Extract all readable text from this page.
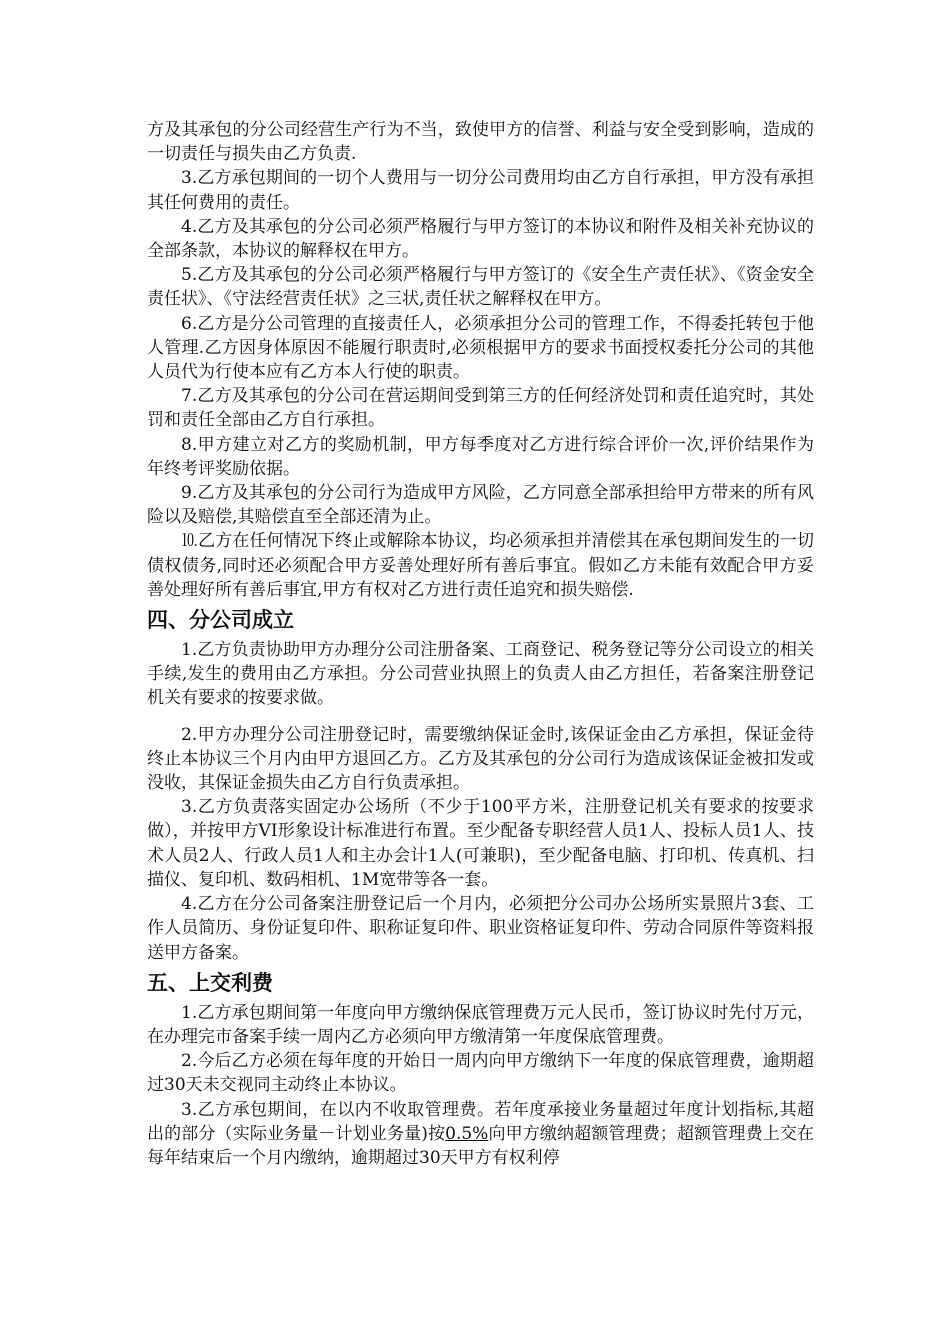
方及其承包的分公司经营生产行为不当，致使甲方的信誉、利益与安全受到影响，造成的一切责任与损失由乙方负责.

3.乙方承包期间的一切个人费用与一切分公司费用均由乙方自行承担，甲方没有承担其任何费用的责任。

4.乙方及其承包的分公司必须严格履行与甲方签订的本协议和附件及相关补充协议的全部条款，本协议的解释权在甲方。

5.乙方及其承包的分公司必须严格履行与甲方签订的《安全生产责任状》、《资金安全责任状》、《守法经营责任状》之三状,责任状之解释权在甲方。

6.乙方是分公司管理的直接责任人，必须承担分公司的管理工作，不得委托转包于他人管理.乙方因身体原因不能履行职责时,必须根据甲方的要求书面授权委托分公司的其他人员代为行使本应有乙方本人行使的职责。

7.乙方及其承包的分公司在营运期间受到第三方的任何经济处罚和责任追究时，其处罚和责任全部由乙方自行承担。

8.甲方建立对乙方的奖励机制，甲方每季度对乙方进行综合评价一次,评价结果作为年终考评奖励依据。

9.乙方及其承包的分公司行为造成甲方风险，乙方同意全部承担给甲方带来的所有风险以及赔偿,其赔偿直至全部还清为止。

⒑乙方在任何情况下终止或解除本协议，均必须承担并清偿其在承包期间发生的一切债权债务,同时还必须配合甲方妥善处理好所有善后事宜。假如乙方未能有效配合甲方妥善处理好所有善后事宜,甲方有权对乙方进行责任追究和损失赔偿.

四、分公司成立

1.乙方负责协助甲方办理分公司注册备案、工商登记、税务登记等分公司设立的相关手续,发生的费用由乙方承担。分公司营业执照上的负责人由乙方担任，若备案注册登记机关有要求的按要求做。

2.甲方办理分公司注册登记时，需要缴纳保证金时,该保证金由乙方承担，保证金待终止本协议三个月内由甲方退回乙方。乙方及其承包的分公司行为造成该保证金被扣发或没收，其保证金损失由乙方自行负责承担。

3.乙方负责落实固定办公场所（不少于100平方米，注册登记机关有要求的按要求做），并按甲方VI形象设计标准进行布置。至少配备专职经营人员1人、投标人员1人、技术人员2人、行政人员1人和主办会计1人(可兼职)，至少配备电脑、打印机、传真机、扫描仪、复印机、数码相机、1M宽带等各一套。

4.乙方在分公司备案注册登记后一个月内，必须把分公司办公场所实景照片3套、工作人员简历、身份证复印件、职称证复印件、职业资格证复印件、劳动合同原件等资料报送甲方备案。

五、上交利费

1.乙方承包期间第一年度向甲方缴纳保底管理费万元人民币，签订协议时先付万元，在办理完市备案手续一周内乙方必须向甲方缴清第一年度保底管理费。

2.今后乙方必须在每年度的开始日一周内向甲方缴纳下一年度的保底管理费，逾期超过30天未交视同主动终止本协议。

3.乙方承包期间，在以内不收取管理费。若年度承接业务量超过年度计划指标,其超出的部分（实际业务量－计划业务量)按0.5%向甲方缴纳超额管理费；超额管理费上交在每年结束后一个月内缴纳，逾期超过30天甲方有权利停
